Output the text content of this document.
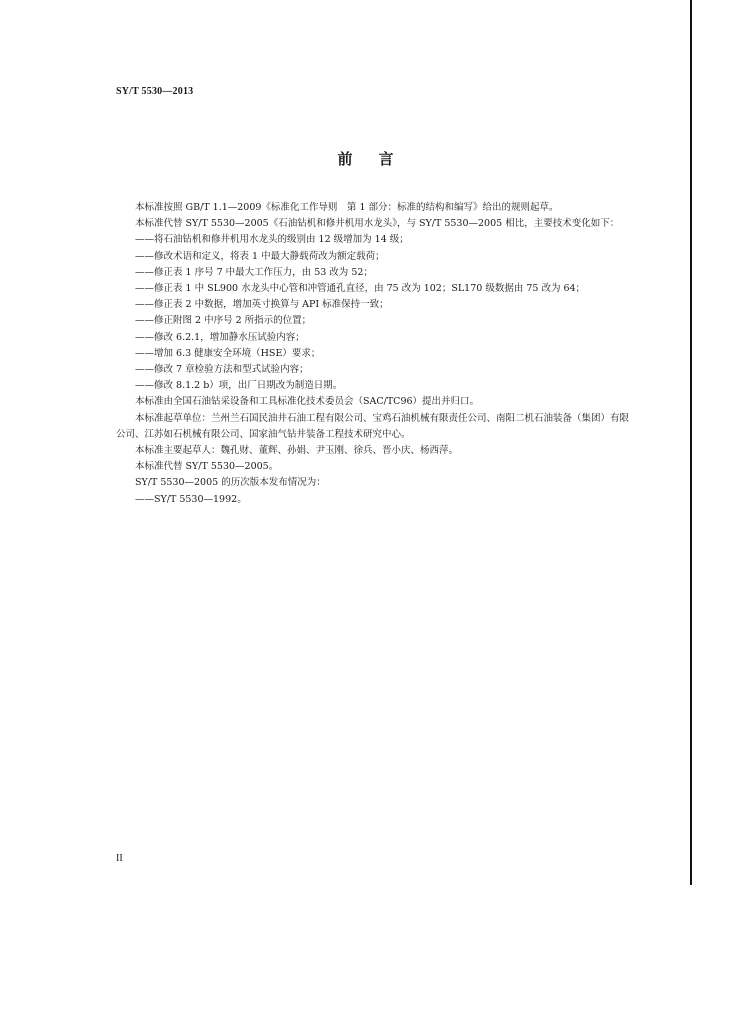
SY/T 5530—2013
前言

本标准按照 GB/T 1.1—2009《标准化工作导则　第 1 部分：标准的结构和编写》给出的规则起草。

本标准代替 SY/T 5530—2005《石油钻机和修井机用水龙头》，与 SY/T 5530—2005 相比，主要技术变化如下：

——将石油钻机和修井机用水龙头的级别由 12 级增加为 14 级；

——修改术语和定义，将表 1 中最大静载荷改为额定载荷；

——修正表 1 序号 7 中最大工作压力，由 53 改为 52；

——修正表 1 中 SL900 水龙头中心管和冲管通孔直径，由 75 改为 102；SL170 级数据由 75 改为 64；

——修正表 2 中数据，增加英寸换算与 API 标准保持一致；

——修正附图 2 中序号 2 所指示的位置；

——修改 6.2.1，增加静水压试验内容；

——增加 6.3 健康安全环境（HSE）要求；

——修改 7 章检验方法和型式试验内容；

——修改 8.1.2 b）项，出厂日期改为制造日期。

本标准由全国石油钻采设备和工具标准化技术委员会（SAC/TC96）提出并归口。

本标准起草单位：兰州兰石国民油井石油工程有限公司、宝鸡石油机械有限责任公司、南阳二机石油装备（集团）有限公司、江苏如石机械有限公司、国家油气钻井装备工程技术研究中心。

本标准主要起草人：魏孔财、董辉、孙娟、尹玉刚、徐兵、晋小庆、杨西萍。

本标准代替 SY/T 5530—2005。

SY/T 5530—2005 的历次版本发布情况为：

——SY/T 5530—1992。

II
